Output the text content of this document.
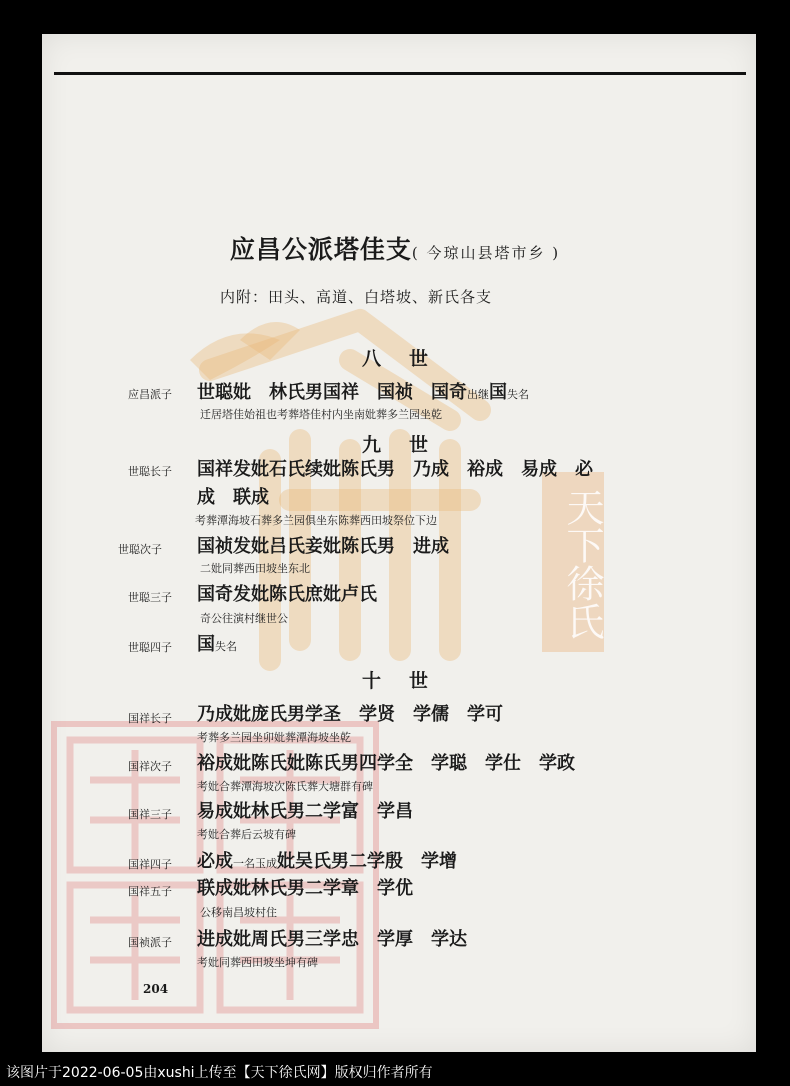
天下徐氏
应昌公派塔佳支( 今琼山县塔市乡 )
内附：田头、高道、白塔坡、新氏各支
八世
应昌派子 世聪妣　林氏男国祥　国祯　国奇出继国失名
迁居塔佳始祖也考葬塔佳村内坐南妣葬多兰园坐乾
九世
世聪长子 国祥发妣石氏续妣陈氏男　乃成　裕成　易成　必
成　联成
考葬潭海坡石葬多兰园俱坐东陈葬西田坡祭位下边
世聪次子 国祯发妣吕氏妾妣陈氏男　进成
二妣同葬西田坡坐东北
世聪三子 国奇发妣陈氏庶妣卢氏
奇公往演村继世公
世聪四子 国失名
十世
国祥长子 乃成妣庞氏男学圣　学贤　学儒　学可
考葬多兰园坐卯妣葬潭海坡坐乾
国祥次子 裕成妣陈氏妣陈氏男四学全　学聪　学仕　学政
考妣合葬潭海坡次陈氏葬大塘群有碑
国祥三子 易成妣林氏男二学富　学昌
考妣合葬后云坡有碑
国祥四子 必成一名玉成妣吴氏男二学殷　学增
国祥五子 联成妣林氏男二学章　学优
公移南昌坡村住
国祯派子 进成妣周氏男三学忠　学厚　学达
考妣同葬西田坡坐坤有碑
204
该图片于2022-06-05由xushi上传至【天下徐氏网】版权归作者所有
